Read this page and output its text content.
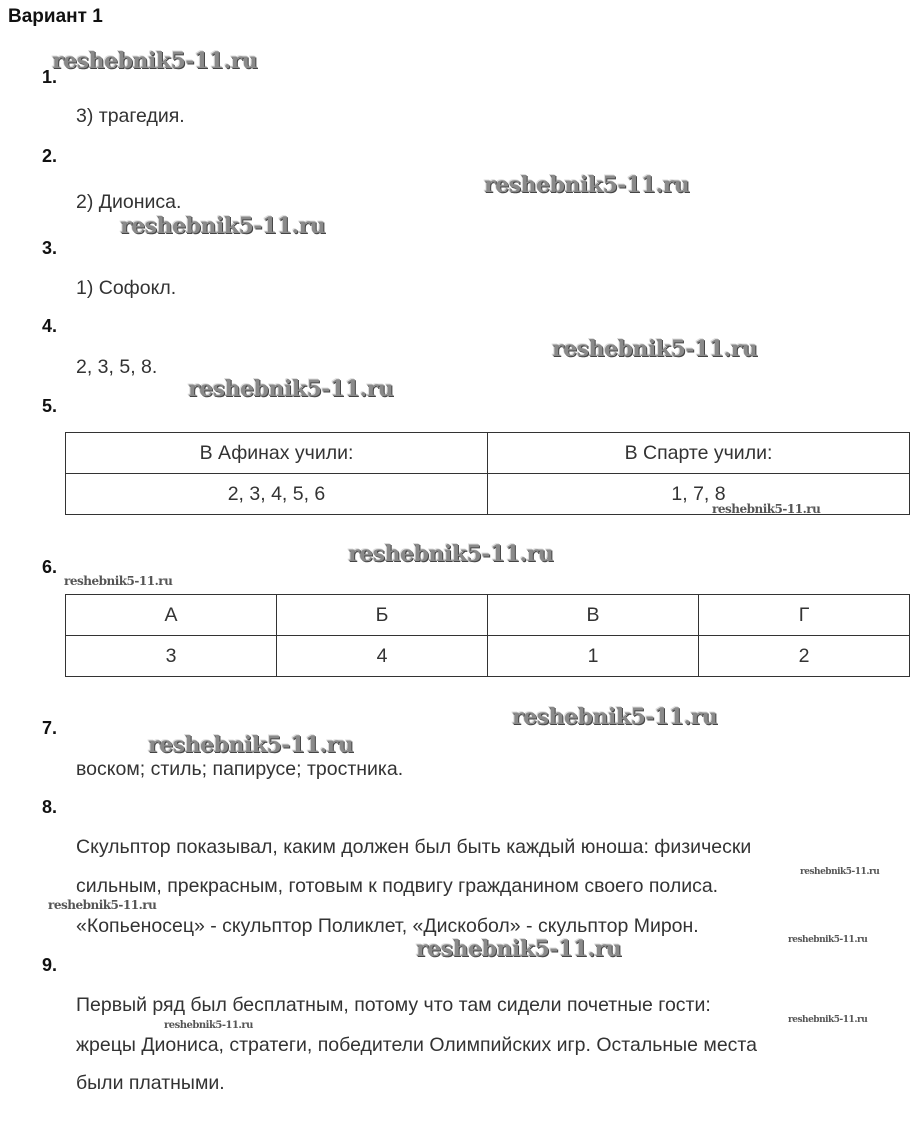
Вариант 1
1.
3) трагедия.
2.
2) Диониса.
3.
1) Софокл.
4.
2, 3, 5, 8.
5.
В Афинах учили:	В Спарте учили:
2, 3, 4, 5, 6	1, 7, 8
6.
А	Б	В	Г
3	4	1	2
7.
воском; стиль; папирусе; тростника.
8.
Скульптор показывал, каким должен был быть каждый юноша: физически
сильным, прекрасным, готовым к подвигу гражданином своего полиса.
«Копьеносец» - скульптор Поликлет, «Дискобол» - скульптор Мирон.
9.
Первый ряд был бесплатным, потому что там сидели почетные гости:
жрецы Диониса, стратеги, победители Олимпийских игр. Остальные места
были платными.
reshebnik5-11.ru
reshebnik5-11.ru
reshebnik5-11.ru
reshebnik5-11.ru
reshebnik5-11.ru
reshebnik5-11.ru
reshebnik5-11.ru
reshebnik5-11.ru
reshebnik5-11.ru
reshebnik5-11.ru
reshebnik5-11.ru
reshebnik5-11.ru
reshebnik5-11.ru
reshebnik5-11.ru
reshebnik5-11.ru	reshebnik5-11.ru
